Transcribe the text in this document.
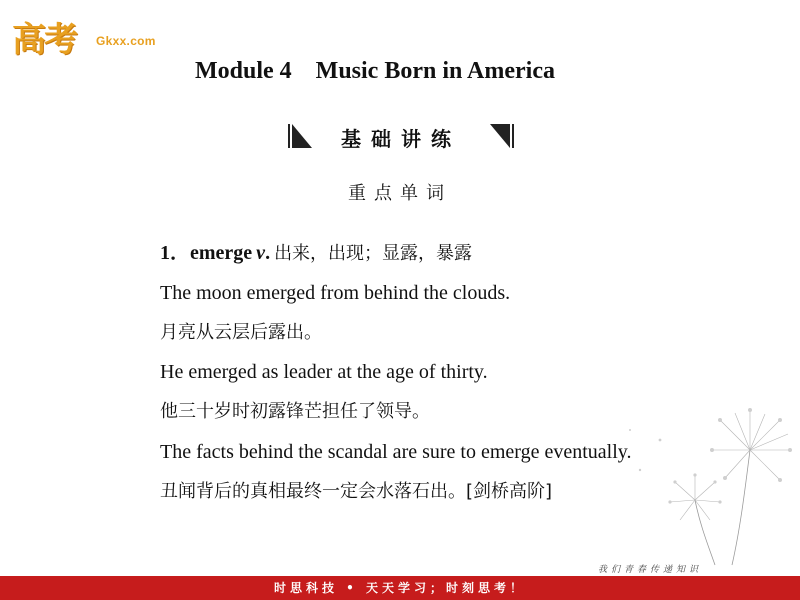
高考 Gkxx.com
Module 4    Music Born in America
基础讲练
重点单词
1．emerge v. 出来，出现；显露，暴露
The moon emerged from behind the clouds.
月亮从云层后露出。
He emerged as leader at the age of thirty.
他三十岁时初露锋芒担任了领导。
The facts behind the scandal are sure to emerge eventually.
丑闻背后的真相最终一定会水落石出。[剑桥高阶]
我们青春传递知识
时思科技 • 天天学习；时刻思考！
